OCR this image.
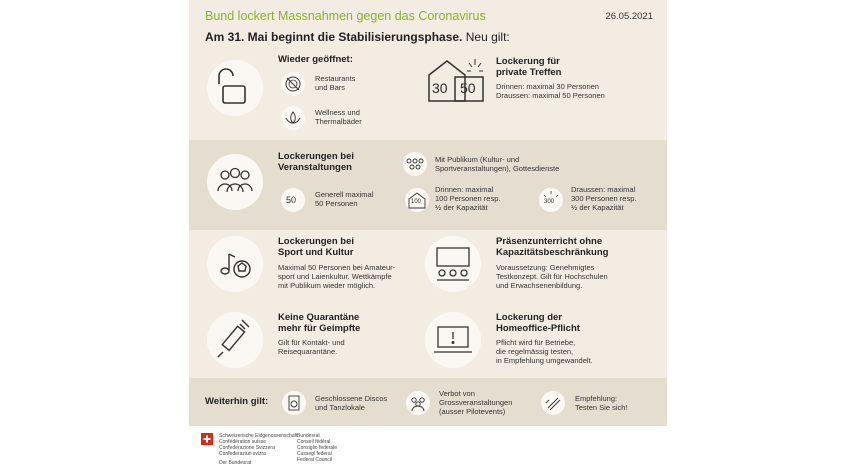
Bund lockert Massnahmen gegen das Coronavirus	26.05.2021
Am 31. Mai beginnt die Stabilisierungsphase. Neu gilt:
Wieder geöffnet:
Restaurants
und Bars
Wellness und
Thermalbäder
30 50
Lockerung für
private Treffen
Drinnen: maximal 30 Personen
Draussen: maximal 50 Personen
Lockerungen bei
Veranstaltungen
50
Generell maximal
50 Personen
Mit Publikum (Kultur- und
Sportveranstaltungen), Gottesdienste
100
Drinnen: maximal
100 Personen resp.
½ der Kapazität
300
Draussen: maximal
300 Personen resp.
½ der Kapazität
Lockerungen bei
Sport und Kultur
Maximal 50 Personen bei Amateur-
sport und Laienkultur. Wettkämpfe
mit Publikum wieder möglich.
Präsenzunterricht ohne
Kapazitätsbeschränkung
Voraussetzung: Genehmigtes
Testkonzept. Gilt für Hochschulen
und Erwachsenenbildung.
Keine Quarantäne
mehr für Geimpfte
Gilt für Kontakt- und
Reisequarantäne.
Lockerung der
Homeoffice-Pflicht
Pflicht wird für Betriebe,
die regelmässig testen,
in Empfehlung umgewandelt.
Weiterhin gilt:	Geschlossene Discos
und Tanzlokale
Verbot von
Grossveranstaltungen
(ausser Pilotevents)
Empfehlung:
Testen Sie sich!
Schweizerische Eidgenossenschaft
Confédération suisse
Confederazione Svizzera
Confederaziun svizra
Der Bundesrat
Bundesrat
Conseil fédéral
Consiglio federale
Cussegl federal
Federal Council
